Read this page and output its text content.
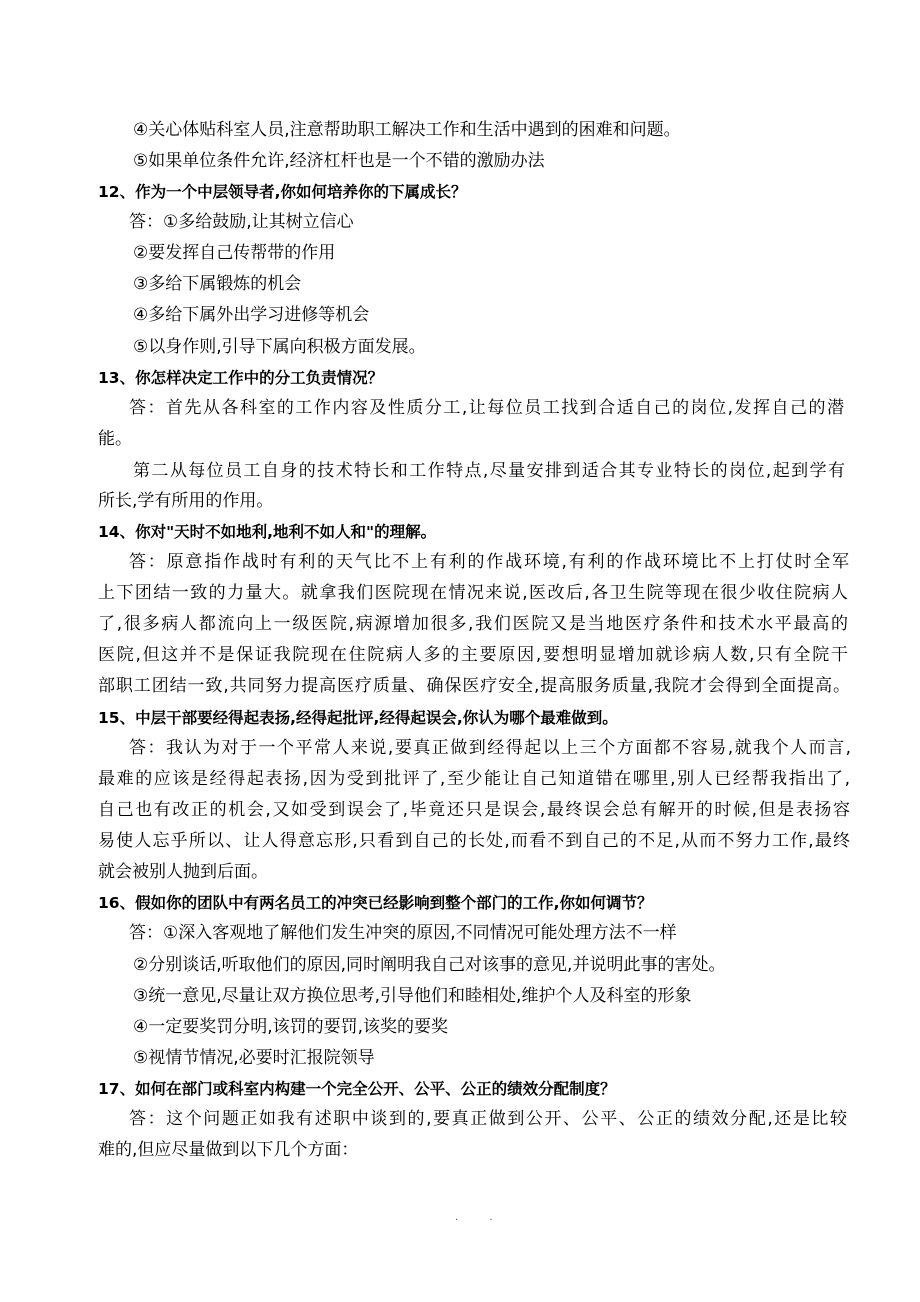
④关心体贴科室人员,注意帮助职工解决工作和生活中遇到的困难和问题。
⑤如果单位条件允许,经济杠杆也是一个不错的激励办法
12、作为一个中层领导者,你如何培养你的下属成长？
答：①多给鼓励,让其树立信心
②要发挥自己传帮带的作用
③多给下属锻炼的机会
④多给下属外出学习进修等机会
⑤以身作则,引导下属向积极方面发展。
13、你怎样决定工作中的分工负责情况？
答：首先从各科室的工作内容及性质分工,让每位员工找到合适自己的岗位,发挥自己的潜
能。
第二从每位员工自身的技术特长和工作特点,尽量安排到适合其专业特长的岗位,起到学有
所长,学有所用的作用。
14、你对"天时不如地利,地利不如人和"的理解。
答：原意指作战时有利的天气比不上有利的作战环境,有利的作战环境比不上打仗时全军
上下团结一致的力量大。就拿我们医院现在情况来说,医改后,各卫生院等现在很少收住院病人
了,很多病人都流向上一级医院,病源增加很多,我们医院又是当地医疗条件和技术水平最高的
医院,但这并不是保证我院现在住院病人多的主要原因,要想明显增加就诊病人数,只有全院干
部职工团结一致,共同努力提高医疗质量、确保医疗安全,提高服务质量,我院才会得到全面提高。
15、中层干部要经得起表扬,经得起批评,经得起误会,你认为哪个最难做到。
答：我认为对于一个平常人来说,要真正做到经得起以上三个方面都不容易,就我个人而言,
最难的应该是经得起表扬,因为受到批评了,至少能让自己知道错在哪里,别人已经帮我指出了,
自己也有改正的机会,又如受到误会了,毕竟还只是误会,最终误会总有解开的时候,但是表扬容
易使人忘乎所以、让人得意忘形,只看到自己的长处,而看不到自己的不足,从而不努力工作,最终
就会被别人抛到后面。
16、假如你的团队中有两名员工的冲突已经影响到整个部门的工作,你如何调节？
答：①深入客观地了解他们发生冲突的原因,不同情况可能处理方法不一样
②分别谈话,听取他们的原因,同时阐明我自己对该事的意见,并说明此事的害处。
③统一意见,尽量让双方换位思考,引导他们和睦相处,维护个人及科室的形象
④一定要奖罚分明,该罚的要罚,该奖的要奖
⑤视情节情况,必要时汇报院领导
17、如何在部门或科室内构建一个完全公开、公平、公正的绩效分配制度？
答：这个问题正如我有述职中谈到的,要真正做到公开、公平、公正的绩效分配,还是比较
难的,但应尽量做到以下几个方面：
. .
